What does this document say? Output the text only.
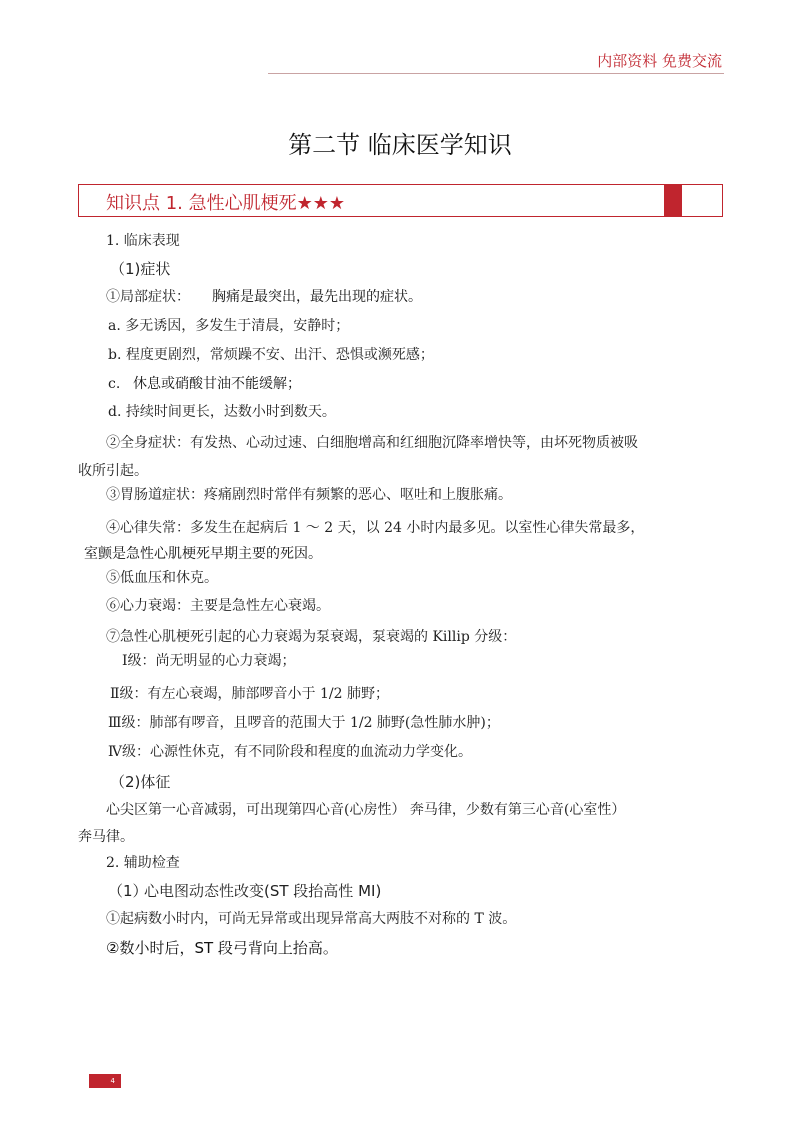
内部资料 免费交流
第二节 临床医学知识
知识点 1. 急性心肌梗死★★★
1. 临床表现
（1)症状
①局部症状： 胸痛是最突出，最先出现的症状。
a. 多无诱因，多发生于清晨，安静时；
b. 程度更剧烈，常烦躁不安、出汗、恐惧或濒死感；
c. 休息或硝酸甘油不能缓解；
d. 持续时间更长，达数小时到数天。
②全身症状：有发热、心动过速、白细胞增高和红细胞沉降率增快等，由坏死物质被吸
收所引起。
③胃肠道症状：疼痛剧烈时常伴有频繁的恶心、呕吐和上腹胀痛。
④心律失常：多发生在起病后 1 ～ 2 天，以 24 小时内最多见。以室性心律失常最多，
室颤是急性心肌梗死早期主要的死因。
⑤低血压和休克。
⑥心力衰竭：主要是急性左心衰竭。
⑦急性心肌梗死引起的心力衰竭为泵衰竭，泵衰竭的 Killip 分级：
Ⅰ级：尚无明显的心力衰竭；
Ⅱ级：有左心衰竭，肺部啰音小于 1/2 肺野；
Ⅲ级：肺部有啰音，且啰音的范围大于 1/2 肺野(急性肺水肿)；
Ⅳ级：心源性休克，有不同阶段和程度的血流动力学变化。
（2)体征
心尖区第一心音减弱，可出现第四心音(心房性） 奔马律，少数有第三心音(心室性）
奔马律。
2. 辅助检查
（1）
心电图动态性改变(ST 段抬高性 MI)
①起病数小时内，可尚无异常或出现异常高大两肢不对称的 T 波。
②数小时后，ST 段弓背向上抬高。
4
